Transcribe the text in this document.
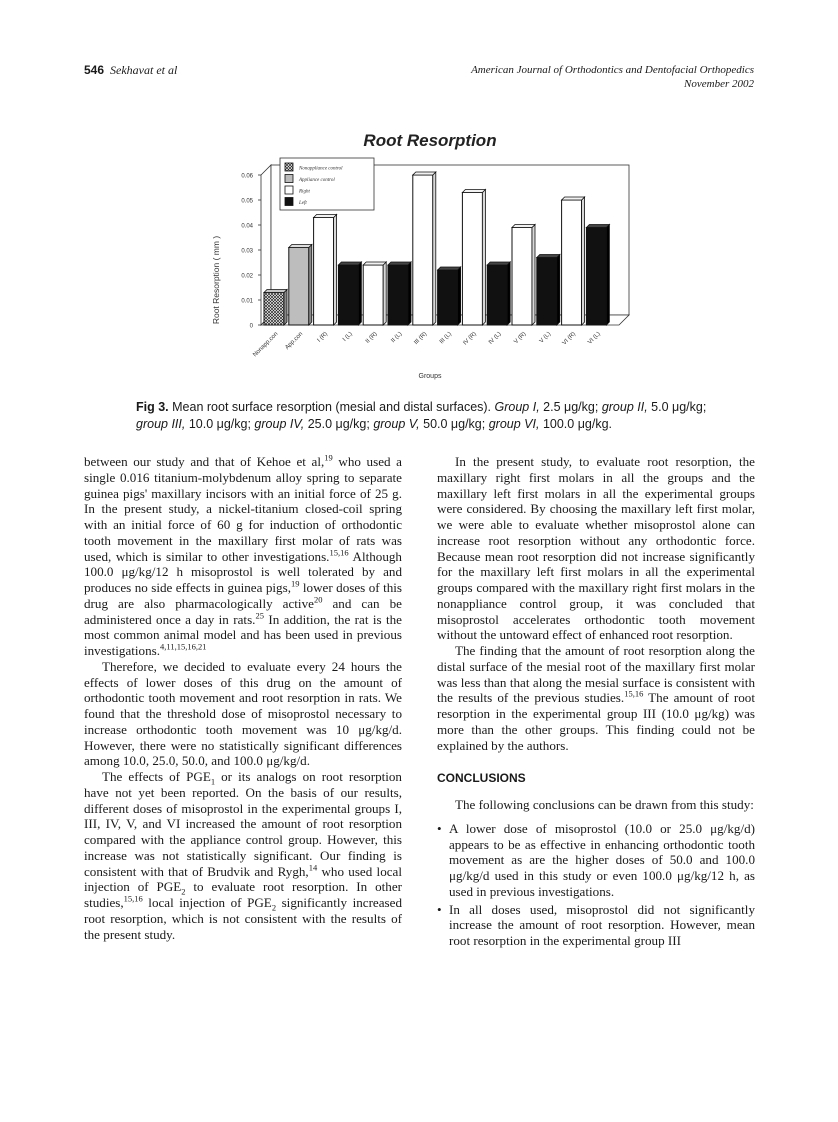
546 Sekhavat et al	American Journal of Orthodontics and Dentofacial Orthopedics
November 2002
Root Resorption
0
0.01
0.02
0.03
0.04
0.05
0.06
Nonapp.con App.con I (R) I (L) II (R) II (L) III (R) III (L) IV (R) IV (L) V (R) V (L) VI (R) VI (L)
Nonappliance control
Appliance control
Right
Left
Root Resorption ( mm )
Groups
Fig 3. Mean root surface resorption (mesial and distal surfaces). Group I, 2.5 μg/kg; group II, 5.0 μg/kg; group III, 10.0 μg/kg; group IV, 25.0 μg/kg; group V, 50.0 μg/kg; group VI, 100.0 μg/kg.

between our study and that of Kehoe et al,$^{19}$ who used a single 0.016 titanium-molybdenum alloy spring to separate guinea pigs' maxillary incisors with an initial force of 25 g. In the present study, a nickel-titanium closed-coil spring with an initial force of 60 g for induction of orthodontic tooth movement in the maxillary first molar of rats was used, which is similar to other investigations.$^{15,16}$ Although 100.0 μg/kg/12 h misoprostol is well tolerated by and produces no side effects in guinea pigs,$^{19}$ lower doses of this drug are also pharmacologically active$^{20}$ and can be administered once a day in rats.$^{25}$ In addition, the rat is the most common animal model and has been used in previous investigations.$^{4,11,15,16,21}$

Therefore, we decided to evaluate every 24 hours the effects of lower doses of this drug on the amount of orthodontic tooth movement and root resorption in rats. We found that the threshold dose of misoprostol necessary to increase orthodontic tooth movement was 10 μg/kg/d. However, there were no statistically significant differences among 10.0, 25.0, 50.0, and 100.0 μg/kg/d.

The effects of $PGE_1$ or its analogs on root resorption have not yet been reported. On the basis of our results, different doses of misoprostol in the experimental groups I, III, IV, V, and VI increased the amount of root resorption compared with the appliance control group. However, this increase was not statistically significant. Our finding is consistent with that of Brudvik and Rygh,$^{14}$ who used local injection of $PGE_2$ to evaluate root resorption. In other studies,$^{15,16}$ local injection of $PGE_2$ significantly increased root resorption, which is not consistent with the results of the present study.

In the present study, to evaluate root resorption, the maxillary right first molars in all the groups and the maxillary left first molars in all the experimental groups were considered. By choosing the maxillary left first molar, we were able to evaluate whether misoprostol alone can increase root resorption without any orthodontic force. Because mean root resorption did not increase significantly for the maxillary left first molars in all the experimental groups compared with the maxillary right first molars in the nonappliance control group, it was concluded that misoprostol accelerates orthodontic tooth movement without the untoward effect of enhanced root resorption.

The finding that the amount of root resorption along the distal surface of the mesial root of the maxillary first molar was less than that along the mesial surface is consistent with the results of the previous studies.$^{15,16}$ The amount of root resorption in the experimental group III (10.0 μg/kg) was more than the other groups. This finding could not be explained by the authors.

CONCLUSIONS

The following conclusions can be drawn from this study:

• A lower dose of misoprostol (10.0 or 25.0 μg/kg/d) appears to be as effective in enhancing orthodontic tooth movement as are the higher doses of 50.0 and 100.0 μg/kg/d used in this study or even 100.0 μg/kg/12 h, as used in previous investigations.
• In all doses used, misoprostol did not significantly increase the amount of root resorption. However, mean root resorption in the experimental group III
